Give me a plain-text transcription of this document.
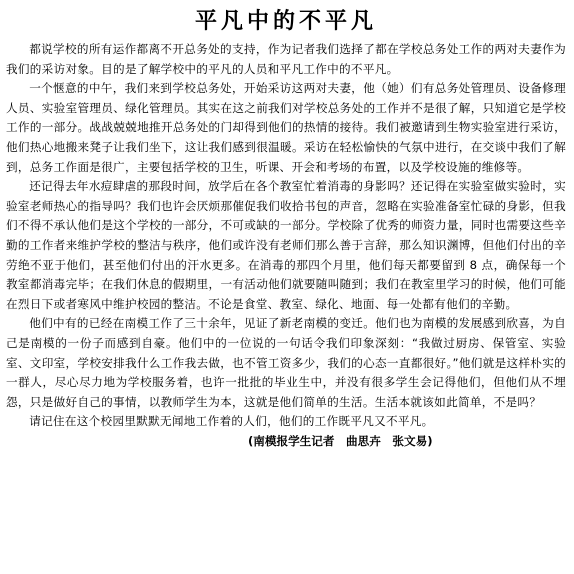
平凡中的不平凡

都说学校的所有运作都离不开总务处的支持，作为记者我们选择了都在学校总务处工作的两对夫妻作为我们的采访对象。目的是了解学校中的平凡的人员和平凡工作中的不平凡。

一个惬意的中午，我们来到学校总务处，开始采访这两对夫妻，他（她）们有总务处管理员、设备修理人员、实验室管理员、绿化管理员。其实在这之前我们对学校总务处的工作并不是很了解，只知道它是学校工作的一部分。战战兢兢地推开总务处的门却得到他们的热情的接待。我们被邀请到生物实验室进行采访，他们热心地搬来凳子让我们坐下，这让我们感到很温暖。采访在轻松愉快的气氛中进行，在交谈中我们了解到，总务工作面是很广，主要包括学校的卫生，听课、开会和考场的布置，以及学校设施的维修等。

还记得去年水痘肆虐的那段时间，放学后在各个教室忙着消毒的身影吗？还记得在实验室做实验时，实验室老师热心的指导吗？我们也许会厌烦那催促我们收拾书包的声音，忽略在实验准备室忙碌的身影，但我们不得不承认他们是这个学校的一部分，不可或缺的一部分。学校除了优秀的师资力量，同时也需要这些辛勤的工作者来维护学校的整洁与秩序，他们或许没有老师们那么善于言辞，那么知识渊博，但他们付出的辛劳绝不亚于他们，甚至他们付出的汗水更多。在消毒的那四个月里，他们每天都要留到 8 点，确保每一个教室都消毒完毕；在我们休息的假期里，一有活动他们就要随叫随到；我们在教室里学习的时候，他们可能在烈日下或者寒风中维护校园的整洁。不论是食堂、教室、绿化、地面、每一处都有他们的辛勤。

他们中有的已经在南模工作了三十余年，见证了新老南模的变迁。他们也为南模的发展感到欣喜，为自己是南模的一份子而感到自豪。他们中的一位说的一句话令我们印象深刻：“我做过厨房、保管室、实验室、文印室，学校安排我什么工作我去做，也不管工资多少，我们的心态一直都很好。”他们就是这样朴实的一群人，尽心尽力地为学校服务着，也许一批批的毕业生中，并没有很多学生会记得他们，但他们从不埋怨，只是做好自己的事情，以教师学生为本，这就是他们简单的生活。生活本就该如此简单，不是吗？

请记住在这个校园里默默无闻地工作着的人们，他们的工作既平凡又不平凡。

(南模报学生记者　曲思卉　张文易)
